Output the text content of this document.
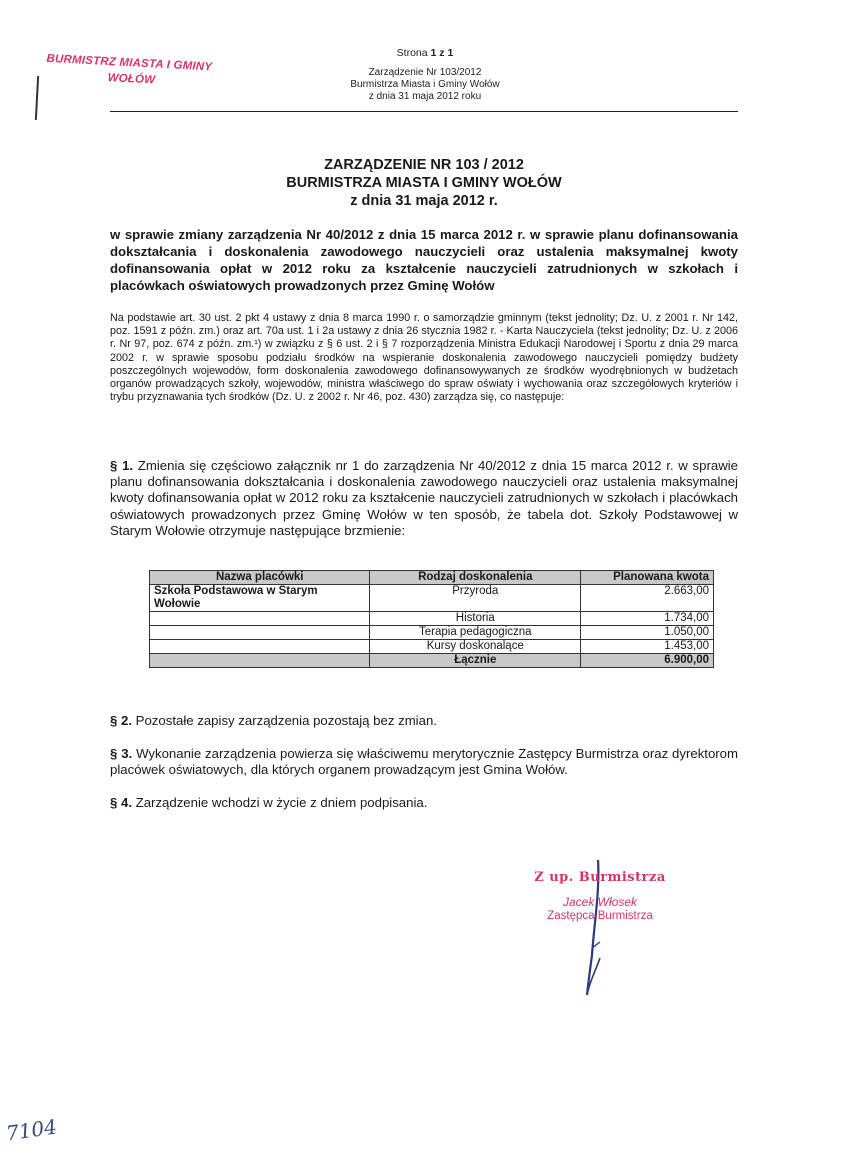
BURMISTRZ MIASTA I GMINY
WOŁÓW
Strona 1 z 1
Zarządzenie Nr 103/2012
Burmistrza Miasta i Gminy Wołów
z dnia 31 maja 2012 roku
ZARZĄDZENIE NR 103 / 2012
BURMISTRZA MIASTA I GMINY WOŁÓW
z dnia 31 maja 2012 r.
w sprawie zmiany zarządzenia Nr 40/2012 z dnia 15 marca 2012 r. w sprawie planu dofinansowania dokształcania i doskonalenia zawodowego nauczycieli oraz ustalenia maksymalnej kwoty dofinansowania opłat w 2012 roku za kształcenie nauczycieli zatrudnionych w szkołach i placówkach oświatowych prowadzonych przez Gminę Wołów
Na podstawie art. 30 ust. 2 pkt 4 ustawy z dnia 8 marca 1990 r. o samorządzie gminnym (tekst jednolity; Dz. U. z 2001 r. Nr 142, poz. 1591 z późn. zm.) oraz art. 70a ust. 1 i 2a ustawy z dnia 26 stycznia 1982 r. - Karta Nauczyciela (tekst jednolity; Dz. U. z 2006 r. Nr 97, poz. 674 z późn. zm.¹) w związku z § 6 ust. 2 i § 7 rozporządzenia Ministra Edukacji Narodowej i Sportu z dnia 29 marca 2002 r. w sprawie sposobu podziału środków na wspieranie doskonalenia zawodowego nauczycieli pomiędzy budżety poszczególnych wojewodów, form doskonalenia zawodowego dofinansowywanych ze środków wyodrębnionych w budżetach organów prowadzących szkoły, wojewodów, ministra właściwego do spraw oświaty i wychowania oraz szczegółowych kryteriów i trybu przyznawania tych środków (Dz. U. z 2002 r. Nr 46, poz. 430) zarządza się, co następuje:
§ 1. Zmienia się częściowo załącznik nr 1 do zarządzenia Nr 40/2012 z dnia 15 marca 2012 r. w sprawie planu dofinansowania dokształcania i doskonalenia zawodowego nauczycieli oraz ustalenia maksymalnej kwoty dofinansowania opłat w 2012 roku za kształcenie nauczycieli zatrudnionych w szkołach i placówkach oświatowych prowadzonych przez Gminę Wołów w ten sposób, że tabela dot. Szkoły Podstawowej w Starym Wołowie otrzymuje następujące brzmienie:
Nazwa placówki	Rodzaj doskonalenia	Planowana kwota
Szkoła Podstawowa w Starym Wołowie	Przyroda	2.663,00
	Historia	1.734,00
	Terapia pedagogiczna	1.050,00
	Kursy doskonalące	1.453,00
	Łącznie	6.900,00
§ 2. Pozostałe zapisy zarządzenia pozostają bez zmian.
§ 3. Wykonanie zarządzenia powierza się właściwemu merytorycznie Zastępcy Burmistrza oraz dyrektorom placówek oświatowych, dla których organem prowadzącym jest Gmina Wołów.
§ 4. Zarządzenie wchodzi w życie z dniem podpisania.
Z up. Burmistrza
Jacek Włosek
Zastępca Burmistrza
7104
